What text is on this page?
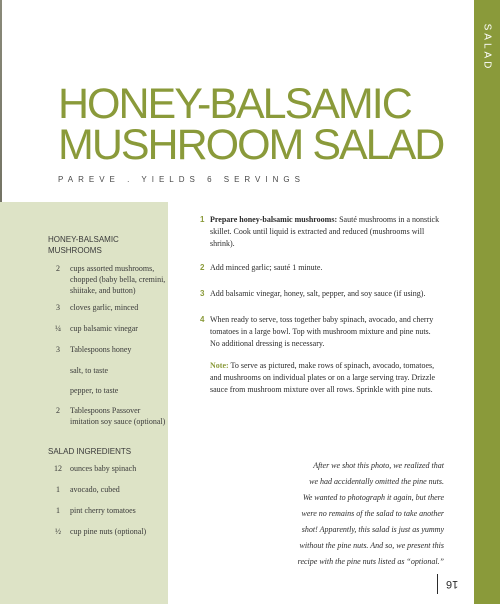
SALAD
HONEY-BALSAMIC
MUSHROOM SALAD
PAREVE . YIELDS 6 SERVINGS
HONEY-BALSAMIC
MUSHROOMS
2	cups assorted mushrooms,
chopped (baby bella, cremini,
shiitake, and button)
3	cloves garlic, minced
¼	cup balsamic vinegar
3	Tablespoons honey
salt, to taste
pepper, to taste
2	Tablespoons Passover
imitation soy sauce (optional)
SALAD INGREDIENTS
12	ounces baby spinach
1	avocado, cubed
1	pint cherry tomatoes
½	cup pine nuts (optional)
1 Prepare honey-balsamic mushrooms: Sauté mushrooms in a nonstick
skillet. Cook until liquid is extracted and reduced (mushrooms will
shrink).
2 Add minced garlic; sauté 1 minute.
3 Add balsamic vinegar, honey, salt, pepper, and soy sauce (if using).
4 When ready to serve, toss together baby spinach, avocado, and cherry
tomatoes in a large bowl. Top with mushroom mixture and pine nuts.
No additional dressing is necessary.
Note: To serve as pictured, make rows of spinach, avocado, tomatoes,
and mushrooms on individual plates or on a large serving tray. Drizzle
sauce from mushroom mixture over all rows. Sprinkle with pine nuts.
After we shot this photo, we realized that
we had accidentally omitted the pine nuts.
We wanted to photograph it again, but there
were no remains of the salad to take another
shot! Apparently, this salad is just as yummy
without the pine nuts. And so, we present this
recipe with the pine nuts listed as “optional.”
16
